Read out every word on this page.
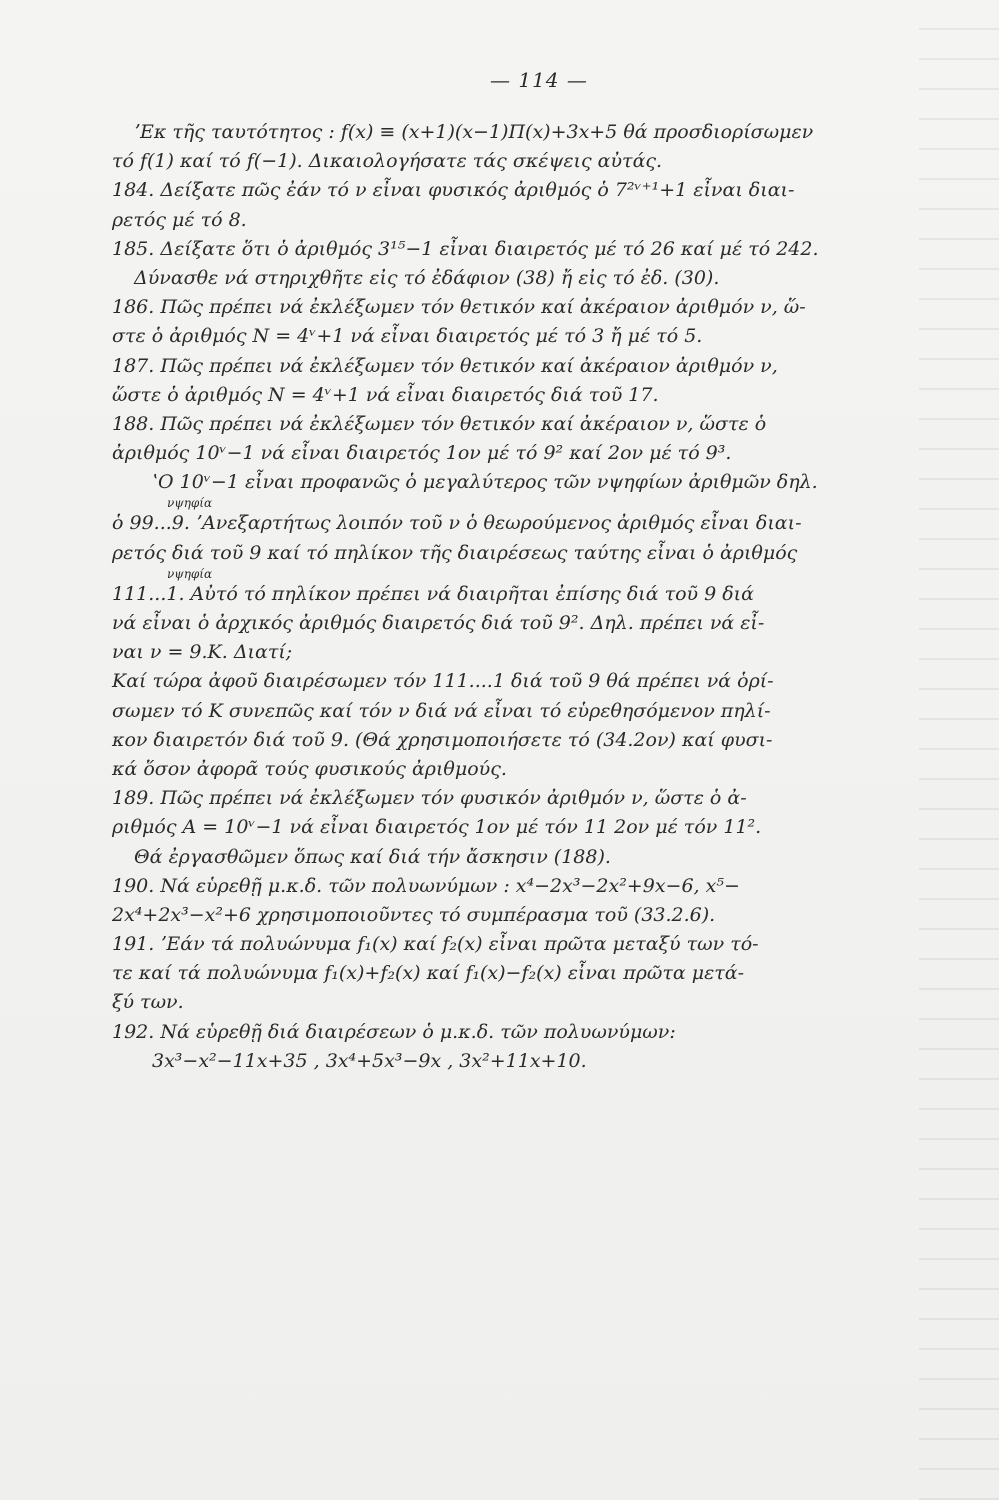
— 114 —
ʼΕκ τῆς ταυτότητος : f(x) ≡ (x+1)(x−1)Π(x)+3x+5 θά προσδιορίσωμεν
τό f(1) καί τό f(−1). Δικαιολογήσατε τάς σκέψεις αὐτάς.
184. Δείξατε πῶς ἐάν τό ν εἶναι φυσικός ἀριθμός ὁ 7²ᵛ⁺¹+1 εἶναι διαι-
ρετός μέ τό 8.
185. Δείξατε ὅτι ὁ ἀριθμός 3¹⁵−1 εἶναι διαιρετός μέ τό 26 καί μέ τό 242.
Δύνασθε νά στηριχθῆτε εἰς τό ἐδάφιον (38) ἤ εἰς τό ἐδ. (30).
186. Πῶς πρέπει νά ἐκλέξωμεν τόν θετικόν καί ἀκέραιον ἀριθμόν ν, ὥ-
στε ὁ ἀριθμός N = 4ᵛ+1 νά εἶναι διαιρετός μέ τό 3 ἤ μέ τό 5.
187. Πῶς πρέπει νά ἐκλέξωμεν τόν θετικόν καί ἀκέραιον ἀριθμόν ν,
ὥστε ὁ ἀριθμός N = 4ᵛ+1 νά εἶναι διαιρετός διά τοῦ 17.
188. Πῶς πρέπει νά ἐκλέξωμεν τόν θετικόν καί ἀκέραιον ν, ὥστε ὁ
ἀριθμός 10ᵛ−1 νά εἶναι διαιρετός 1ον μέ τό 9² καί 2ον μέ τό 9³.
ʽΟ 10ᵛ−1 εἶναι προφανῶς ὁ μεγαλύτερος τῶν νψηφίων ἀριθμῶν δηλ.
νψηφία
ὁ 99...9. ʼΑνεξαρτήτως λοιπόν τοῦ ν ὁ θεωρούμενος ἀριθμός εἶναι διαι-
ρετός διά τοῦ 9 καί τό πηλίκον τῆς διαιρέσεως ταύτης εἶναι ὁ ἀριθμός
νψηφία
111...1. Αὐτό τό πηλίκον πρέπει νά διαιρῆται ἐπίσης διά τοῦ 9 διά
νά εἶναι ὁ ἀρχικός ἀριθμός διαιρετός διά τοῦ 9². Δηλ. πρέπει νά εἶ-
ναι ν = 9.Κ. Διατί;
Καί τώρα ἀφοῦ διαιρέσωμεν τόν 111....1 διά τοῦ 9 θά πρέπει νά ὁρί-
σωμεν τό Κ συνεπῶς καί τόν ν διά νά εἶναι τό εὑρεθησόμενον πηλί-
κον διαιρετόν διά τοῦ 9. (Θά χρησιμοποιήσετε τό (34.2ον) καί φυσι-
κά ὅσον ἀφορᾶ τούς φυσικούς ἀριθμούς.
189. Πῶς πρέπει νά ἐκλέξωμεν τόν φυσικόν ἀριθμόν ν, ὥστε ὁ ἀ-
ριθμός A = 10ᵛ−1 νά εἶναι διαιρετός 1ον μέ τόν 11 2ον μέ τόν 11².
Θά ἐργασθῶμεν ὅπως καί διά τήν ἄσκησιν (188).
190. Νά εὑρεθῇ μ.κ.δ. τῶν πολυωνύμων : x⁴−2x³−2x²+9x−6, x⁵−
2x⁴+2x³−x²+6 χρησιμοποιοῦντες τό συμπέρασμα τοῦ (33.2.6).
191. ʼΕάν τά πολυώνυμα f₁(x) καί f₂(x) εἶναι πρῶτα μεταξύ των τό-
τε καί τά πολυώνυμα f₁(x)+f₂(x) καί f₁(x)−f₂(x) εἶναι πρῶτα μετά-
ξύ των.
192. Νά εὑρεθῇ διά διαιρέσεων ὁ μ.κ.δ. τῶν πολυωνύμων:
3x³−x²−11x+35 , 3x⁴+5x³−9x , 3x²+11x+10.
